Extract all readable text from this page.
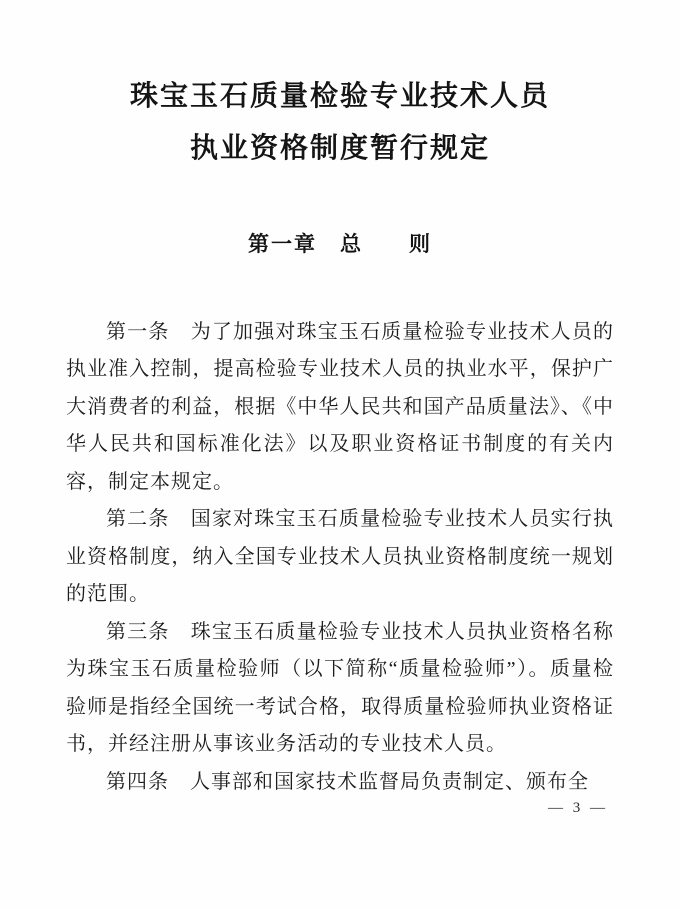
珠宝玉石质量检验专业技术人员
执业资格制度暂行规定
第一章　总　　则

第一条　为了加强对珠宝玉石质量检验专业技术人员的执业准入控制，提高检验专业技术人员的执业水平，保护广大消费者的利益，根据《中华人民共和国产品质量法》、《中华人民共和国标准化法》以及职业资格证书制度的有关内容，制定本规定。

第二条　国家对珠宝玉石质量检验专业技术人员实行执业资格制度，纳入全国专业技术人员执业资格制度统一规划的范围。

第三条　珠宝玉石质量检验专业技术人员执业资格名称为珠宝玉石质量检验师（以下简称“质量检验师”）。质量检验师是指经全国统一考试合格，取得质量检验师执业资格证书，并经注册从事该业务活动的专业技术人员。

第四条　人事部和国家技术监督局负责制定、颁布全

— 3 —
